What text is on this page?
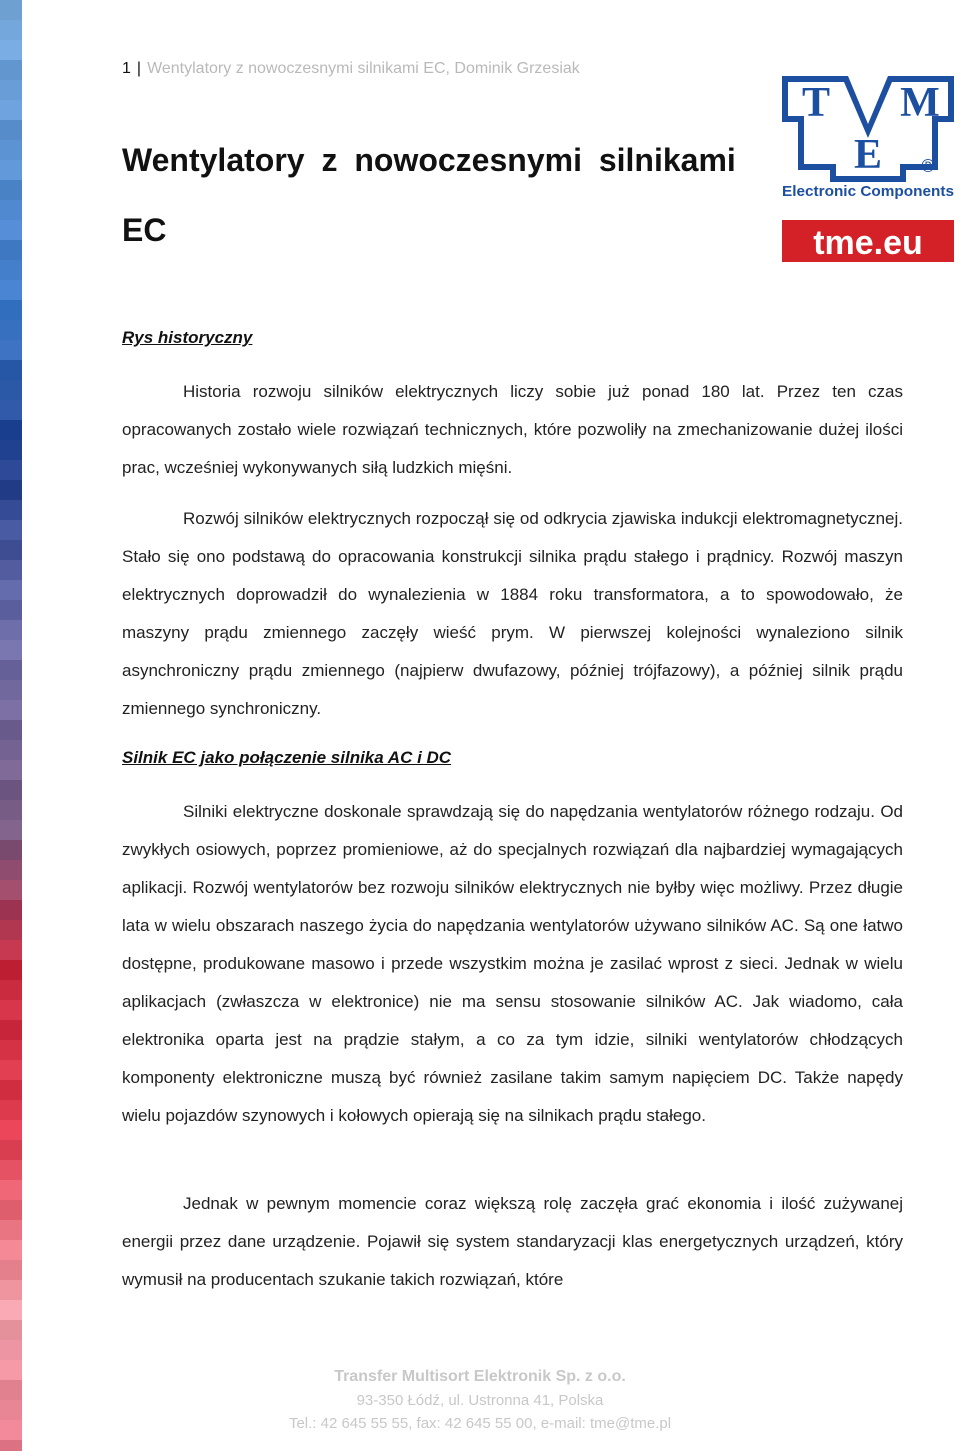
1 | Wentylatory z nowoczesnymi silnikami EC, Dominik Grzesiak
Wentylatory z nowoczesnymi silnikami EC
T M
E ®
Electronic Components
tme.eu
Rys historyczny

Historia rozwoju silników elektrycznych liczy sobie już ponad 180 lat. Przez ten czas opracowanych zostało wiele rozwiązań technicznych, które pozwoliły na zmechanizowanie dużej ilości prac, wcześniej wykonywanych siłą ludzkich mięśni.

Rozwój silników elektrycznych rozpoczął się od odkrycia zjawiska indukcji elektromagnetycznej. Stało się ono podstawą do opracowania konstrukcji silnika prądu stałego i prądnicy. Rozwój maszyn elektrycznych doprowadził do wynalezienia w 1884 roku transformatora, a to spowodowało, że maszyny prądu zmiennego zaczęły wieść prym. W pierwszej kolejności wynaleziono silnik asynchroniczny prądu zmiennego (najpierw dwufazowy, później trójfazowy), a później silnik prądu zmiennego synchroniczny.

Silnik EC jako połączenie silnika AC i DC

Silniki elektryczne doskonale sprawdzają się do napędzania wentylatorów różnego rodzaju. Od zwykłych osiowych, poprzez promieniowe, aż do specjalnych rozwiązań dla najbardziej wymagających aplikacji. Rozwój wentylatorów bez rozwoju silników elektrycznych nie byłby więc możliwy. Przez długie lata w wielu obszarach naszego życia do napędzania wentylatorów używano silników AC. Są one łatwo dostępne, produkowane masowo i przede wszystkim można je zasilać wprost z sieci. Jednak w wielu aplikacjach (zwłaszcza w elektronice) nie ma sensu stosowanie silników AC. Jak wiadomo, cała elektronika oparta jest na prądzie stałym, a co za tym idzie, silniki wentylatorów chłodzących komponenty elektroniczne muszą być również zasilane takim samym napięciem DC. Także napędy wielu pojazdów szynowych i kołowych opierają się na silnikach prądu stałego.

Jednak w pewnym momencie coraz większą rolę zaczęła grać ekonomia i ilość zużywanej energii przez dane urządzenie. Pojawił się system standaryzacji klas energetycznych urządzeń, który wymusił na producentach szukanie takich rozwiązań, które

Transfer Multisort Elektronik Sp. z o.o.

93-350 Łódź, ul. Ustronna 41, Polska

Tel.: 42 645 55 55, fax: 42 645 55 00, e-mail: tme@tme.pl
